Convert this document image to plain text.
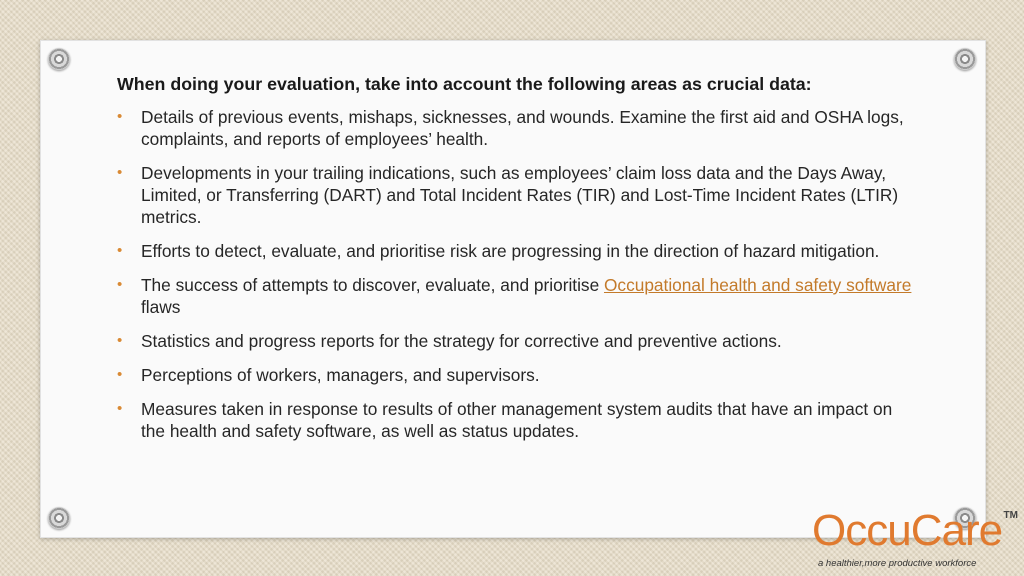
When doing your evaluation, take into account the following areas as crucial data:
• Details of previous events, mishaps, sicknesses, and wounds. Examine the first aid and OSHA logs, complaints, and reports of employees’ health.
• Developments in your trailing indications, such as employees’ claim loss data and the Days Away, Limited, or Transferring (DART) and Total Incident Rates (TIR) and Lost-Time Incident Rates (LTIR) metrics.
• Efforts to detect, evaluate, and prioritise risk are progressing in the direction of hazard mitigation.
• The success of attempts to discover, evaluate, and prioritise Occupational health and safety software flaws
• Statistics and progress reports for the strategy for corrective and preventive actions.
• Perceptions of workers, managers, and supervisors.
• Measures taken in response to results of other management system audits that have an impact on the health and safety software, as well as status updates.
OccuCare TM
a healthier,more productive workforce
